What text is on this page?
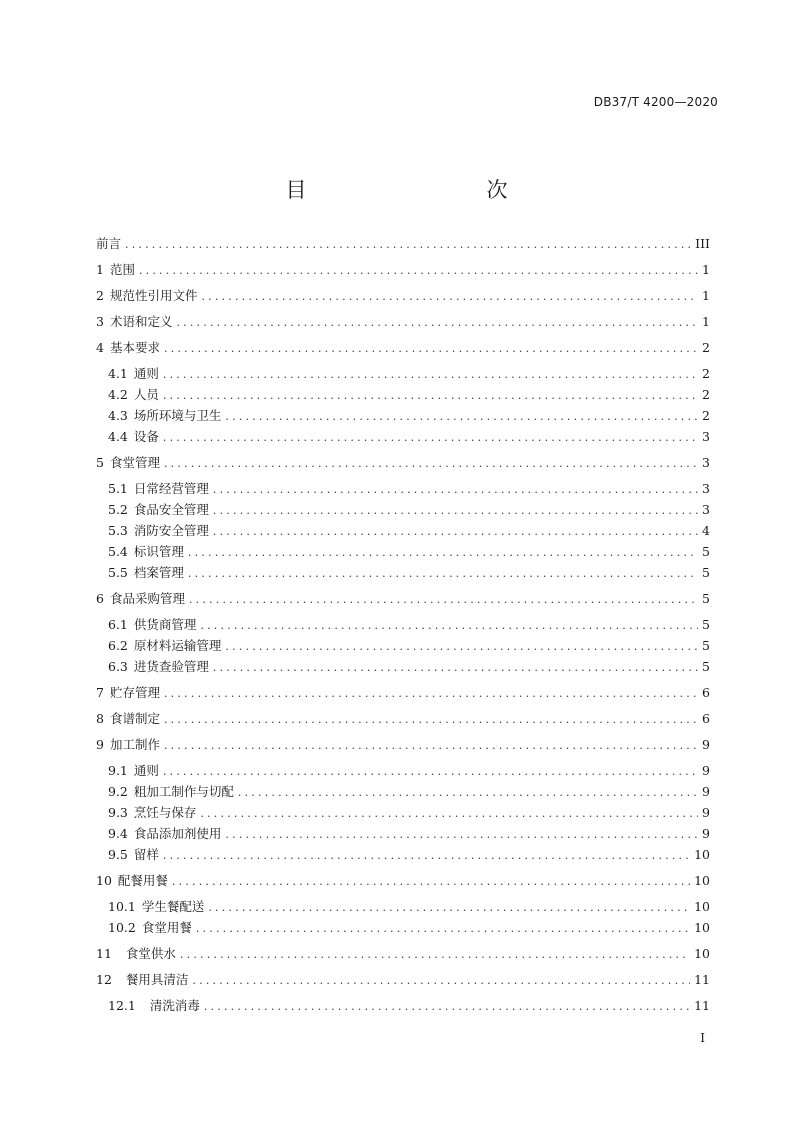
DB37/T 4200—2020
目　　次
前言 .....	III
1 范围 .....	1
2 规范性引用文件 .....	1
3 术语和定义 .....	1
4 基本要求 .....	2
4.1 通则 .....	2
4.2 人员 .....	2
4.3 场所环境与卫生 .....	2
4.4 设备 .....	3
5 食堂管理 .....	3
5.1 日常经营管理 .....	3
5.2 食品安全管理 .....	3
5.3 消防安全管理 .....	4
5.4 标识管理 .....	5
5.5 档案管理 .....	5
6 食品采购管理 .....	5
6.1 供货商管理 .....	5
6.2 原材料运输管理 .....	5
6.3 进货查验管理 .....	5
7 贮存管理 .....	6
8 食谱制定 .....	6
9 加工制作 .....	9
9.1 通则 .....	9
9.2 粗加工制作与切配 .....	9
9.3 烹饪与保存 .....	9
9.4 食品添加剂使用 .....	9
9.5 留样 .....	10
10 配餐用餐 .....	10
10.1 学生餐配送 .....	10
10.2 食堂用餐 .....	10
11 食堂供水 .....	10
12 餐用具清洁 .....	11
12.1 清洗消毒 .....	11
I
